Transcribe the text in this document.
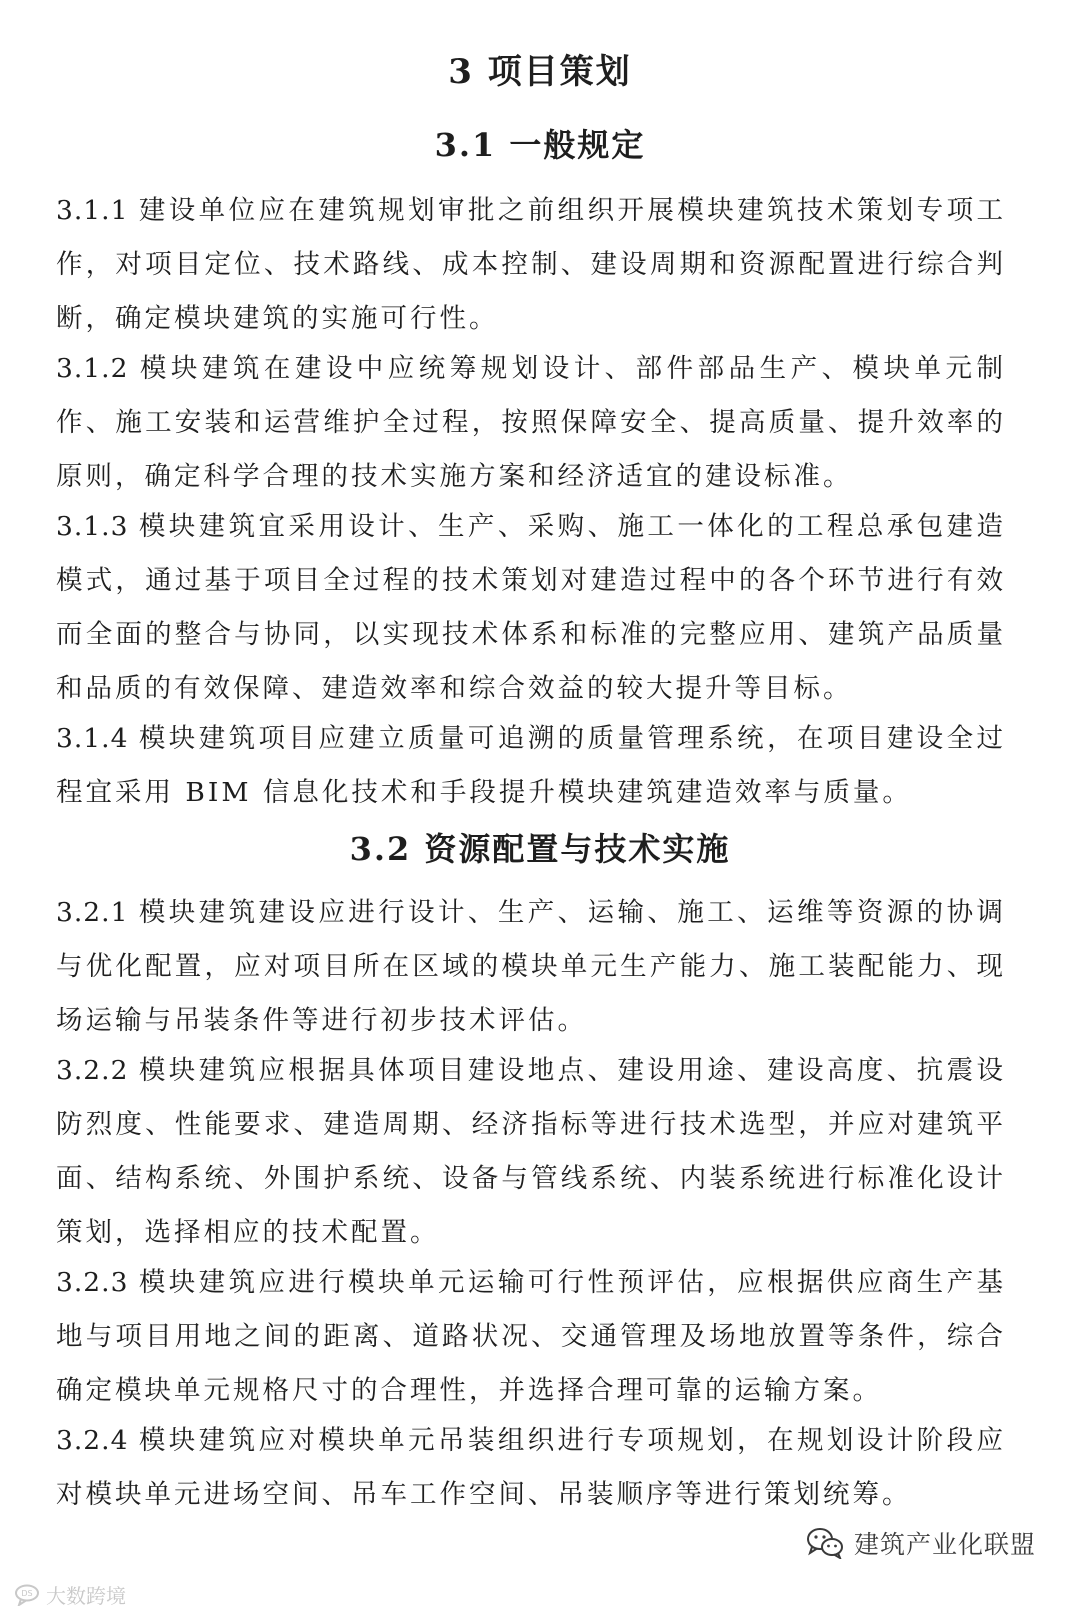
3 项目策划
3.1 一般规定

3.1.1 建设单位应在建筑规划审批之前组织开展模块建筑技术策划专项工作，对项目定位、技术路线、成本控制、建设周期和资源配置进行综合判断，确定模块建筑的实施可行性。

3.1.2 模块建筑在建设中应统筹规划设计、部件部品生产、模块单元制作、施工安装和运营维护全过程，按照保障安全、提高质量、提升效率的原则，确定科学合理的技术实施方案和经济适宜的建设标准。

3.1.3 模块建筑宜采用设计、生产、采购、施工一体化的工程总承包建造模式，通过基于项目全过程的技术策划对建造过程中的各个环节进行有效而全面的整合与协同，以实现技术体系和标准的完整应用、建筑产品质量和品质的有效保障、建造效率和综合效益的较大提升等目标。

3.1.4 模块建筑项目应建立质量可追溯的质量管理系统，在项目建设全过程宜采用 BIM 信息化技术和手段提升模块建筑建造效率与质量。

3.2 资源配置与技术实施

3.2.1 模块建筑建设应进行设计、生产、运输、施工、运维等资源的协调与优化配置，应对项目所在区域的模块单元生产能力、施工装配能力、现场运输与吊装条件等进行初步技术评估。

3.2.2 模块建筑应根据具体项目建设地点、建设用途、建设高度、抗震设防烈度、性能要求、建造周期、经济指标等进行技术选型，并应对建筑平面、结构系统、外围护系统、设备与管线系统、内装系统进行标准化设计策划，选择相应的技术配置。

3.2.3 模块建筑应进行模块单元运输可行性预评估，应根据供应商生产基地与项目用地之间的距离、道路状况、交通管理及场地放置等条件，综合确定模块单元规格尺寸的合理性，并选择合理可靠的运输方案。

3.2.4 模块建筑应对模块单元吊装组织进行专项规划，在规划设计阶段应对模块单元进场空间、吊车工作空间、吊装顺序等进行策划统筹。

建筑产业化联盟
DS 大数跨境
